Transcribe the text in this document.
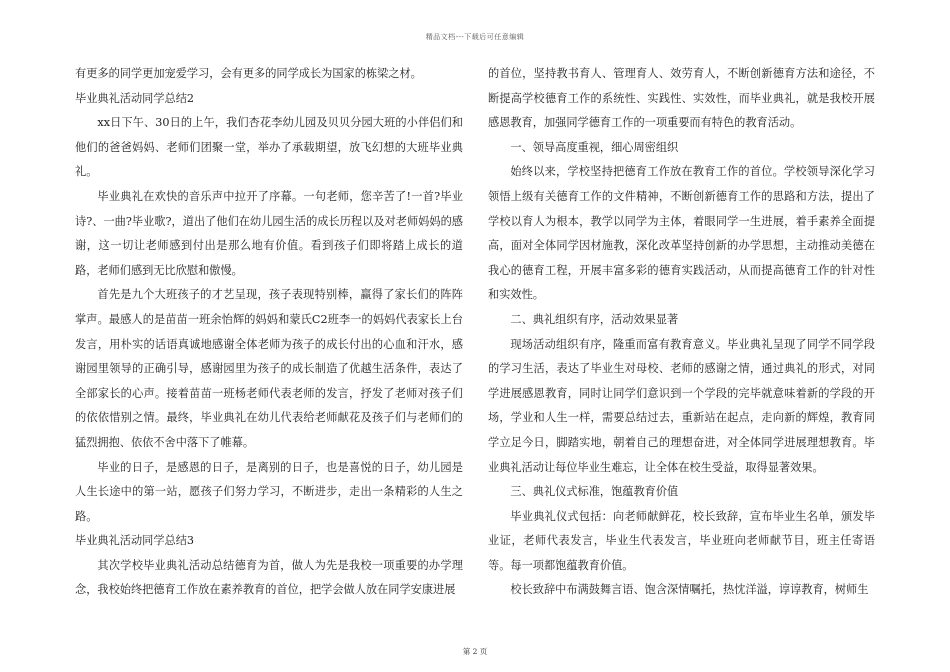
精品文档---下载后可任意编辑

有更多的同学更加宠爱学习，会有更多的同学成长为国家的栋梁之材。

毕业典礼活动同学总结2

xx日下午、30日的上午，我们杏花李幼儿园及贝贝分园大班的小伴侣们和他们的爸爸妈妈、老师们团聚一堂，举办了承载期望，放飞幻想的大班毕业典礼。

毕业典礼在欢快的音乐声中拉开了序幕。一句老师，您辛苦了!一首?毕业诗?、一曲?毕业歌?，道出了他们在幼儿园生活的成长历程以及对老师妈妈的感谢，这一切让老师感到付出是那么地有价值。看到孩子们即将踏上成长的道路，老师们感到无比欣慰和傲慢。

首先是九个大班孩子的才艺呈现，孩子表现特别棒，赢得了家长们的阵阵掌声。最感人的是苗苗一班余怡辉的妈妈和蒙氏C2班李一的妈妈代表家长上台发言，用朴实的话语真诚地感谢全体老师为孩子的成长付出的心血和汗水，感谢园里领导的正确引导，感谢园里为孩子的成长制造了优越生活条件，表达了全部家长的心声。接着苗苗一班杨老师代表老师的发言，抒发了老师对孩子们的依依惜别之情。最终，毕业典礼在幼儿代表给老师献花及孩子们与老师们的猛烈拥抱、依依不舍中落下了帷幕。

毕业的日子，是感恩的日子，是离别的日子，也是喜悦的日子，幼儿园是人生长途中的第一站，愿孩子们努力学习，不断进步，走出一条精彩的人生之路。

毕业典礼活动同学总结3

其次学校毕业典礼活动总结德育为首，做人为先是我校一项重要的办学理念，我校始终把德育工作放在素养教育的首位，把学会做人放在同学安康进展

的首位，坚持教书育人、管理育人、效劳育人，不断创新德育方法和途径，不断提高学校德育工作的系统性、实践性、实效性，而毕业典礼，就是我校开展感恩教育，加强同学德育工作的一项重要而有特色的教育活动。

一、领导高度重视，细心周密组织

始终以来，学校坚持把德育工作放在教育工作的首位。学校领导深化学习领悟上级有关德育工作的文件精神，不断创新德育工作的思路和方法，提出了学校以育人为根本，教学以同学为主体，着眼同学一生进展，着手素养全面提高，面对全体同学因材施教，深化改革坚持创新的办学思想，主动推动美德在我心的德育工程，开展丰富多彩的德育实践活动，从而提高德育工作的针对性和实效性。

二、典礼组织有序，活动效果显著

现场活动组织有序，隆重而富有教育意义。毕业典礼呈现了同学不同学段的学习生活，表达了毕业生对母校、老师的感谢之情，通过典礼的形式，对同学进展感恩教育，同时让同学们意识到一个学段的完毕就意味着新的学段的开场，学业和人生一样，需要总结过去，重新站在起点，走向新的辉煌，教育同学立足今日，脚踏实地，朝着自己的理想奋进，对全体同学进展理想教育。毕业典礼活动让每位毕业生难忘，让全体在校生受益，取得显著效果。

三、典礼仪式标准，饱蕴教育价值

毕业典礼仪式包括：向老师献鲜花，校长致辞，宣布毕业生名单，颁发毕业证，老师代表发言，毕业生代表发言，毕业班向老师献节目，班主任寄语等。每一项都饱蕴教育价值。

校长致辞中布满鼓舞言语、饱含深情嘱托，热忱洋溢，谆谆教育，树师生

第 2 页
